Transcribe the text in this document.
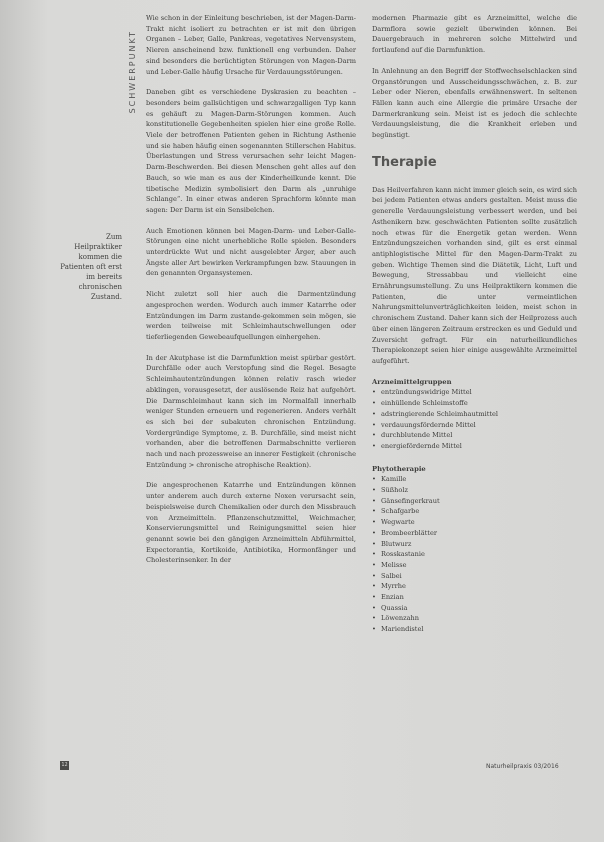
SCHWERPUNKT
Zum Heilpraktiker kommen die Patienten oft erst im bereits chronischen Zustand.

Wie schon in der Einleitung beschrieben, ist der Magen-Darm-Trakt nicht isoliert zu betrachten er ist mit den übrigen Organen – Leber, Galle, Pankreas, vegetatives Nervensystem, Nieren anscheinend bzw. funktionell eng verbunden. Daher sind besonders die berüchtigten Störungen von Magen-Darm und Leber-Galle häufig Ursache für Verdauungsstörungen.

Daneben gibt es verschiedene Dyskrasien zu beachten – besonders beim gallsüchtigen und schwarzgalligen Typ kann es gehäuft zu Magen-Darm-Störungen kommen. Auch konstitutionelle Gegebenheiten spielen hier eine große Rolle. Viele der betroffenen Patienten gehen in Richtung Asthenie und sie haben häufig einen sogenannten Stillerschen Habitus. Überlastungen und Stress verursachen sehr leicht Magen-Darm-Beschwerden. Bei diesen Menschen geht alles auf den Bauch, so wie man es aus der Kinderheilkunde kennt. Die tibetische Medizin symbolisiert den Darm als „unruhige Schlange“. In einer etwas anderen Sprachform könnte man sagen: Der Darm ist ein Sensibelchen.

Auch Emotionen können bei Magen-Darm- und Leber-Galle-Störungen eine nicht unerhebliche Rolle spielen. Besonders unterdrückte Wut und nicht ausgelebter Ärger, aber auch Ängste aller Art bewirken Verkrampfungen bzw. Stauungen in den genannten Organsystemen.

Nicht zuletzt soll hier auch die Darmentzündung angesprochen werden. Wodurch auch immer Katarrhe oder Entzündungen im Darm zustande-gekommen sein mögen, sie werden teilweise mit Schleimhautschwellungen oder tieferliegenden Gewebeaufquellungen einhergehen.

In der Akutphase ist die Darmfunktion meist spürbar gestört. Durchfälle oder auch Verstopfung sind die Regel. Besagte Schleimhautentzündungen können relativ rasch wieder abklingen, vorausgesetzt, der auslösende Reiz hat aufgehört. Die Darmschleimhaut kann sich im Normalfall innerhalb weniger Stunden erneuern und regenerieren. Anders verhält es sich bei der subakuten chronischen Entzündung. Vordergründige Symptome, z. B. Durchfälle, sind meist nicht vorhanden, aber die betroffenen Darmabschnitte verlieren nach und nach prozessweise an innerer Festigkeit (chronische Entzündung > chronische atrophische Reaktion).

Die angesprochenen Katarrhe und Entzündungen können unter anderem auch durch externe Noxen verursacht sein, beispielsweise durch Chemikalien oder durch den Missbrauch von Arzneimitteln. Pflanzenschutzmittel, Weichmacher, Konservierungsmittel und Reinigungsmittel seien hier genannt sowie bei den gängigen Arzneimitteln Abführmittel, Expectorantia, Kortikoide, Antibiotika, Hormonfänger und Cholesterinsenker. In der

modernen Pharmazie gibt es Arzneimittel, welche die Darmflora sowie gezielt überwinden können. Bei Dauergebrauch in mehreren solche Mittelwird und fortlaufend auf die Darmfunktion.

In Anlehnung an den Begriff der Stoffwechselschlacken sind Organstörungen und Ausscheidungsschwächen, z. B. zur Leber oder Nieren, ebenfalls erwähnenswert. In seltenen Fällen kann auch eine Allergie die primäre Ursache der Darmerkrankung sein. Meist ist es jedoch die schlechte Verdauungsleistung, die die Krankheit erleben und begünstigt.

Therapie

Das Heilverfahren kann nicht immer gleich sein, es wird sich bei jedem Patienten etwas anders gestalten. Meist muss die generelle Verdauungsleistung verbessert werden, und bei Asthenikern bzw. geschwächten Patienten sollte zusätzlich noch etwas für die Energetik getan werden. Wenn Entzündungszeichen vorhanden sind, gilt es erst einmal antiphlogistische Mittel für den Magen-Darm-Trakt zu geben. Wichtige Themen sind die Diätetik, Licht, Luft und Bewegung, Stressabbau und vielleicht eine Ernährungsumstellung. Zu uns Heilpraktikern kommen die Patienten, die unter vermeintlichen Nahrungsmittelunverträglichkeiten leiden, meist schon in chronischem Zustand. Daher kann sich der Heilprozess auch über einen längeren Zeitraum erstrecken es und Geduld und Zuversicht gefragt. Für ein naturheilkundliches Therapiekonzept seien hier einige ausgewählte Arzneimittel aufgeführt.

Arzneimittelgruppen
• entzündungswidrige Mittel
• einhüllende Schleimstoffe
• adstringierende Schleimhautmittel
• verdauungsfördernde Mittel
• durchblutende Mittel
• energiefördernde Mittel
Phytotherapie
• Kamille
• Süßholz
• Gänsefingerkraut
• Schafgarbe
• Wegwarte
• Brombeerblätter
• Blutwurz
• Rosskastanie
• Melisse
• Salbei
• Myrrhe
• Enzian
• Quassia
• Löwenzahn
• Mariendistel
12	Naturheilpraxis 03/2016
